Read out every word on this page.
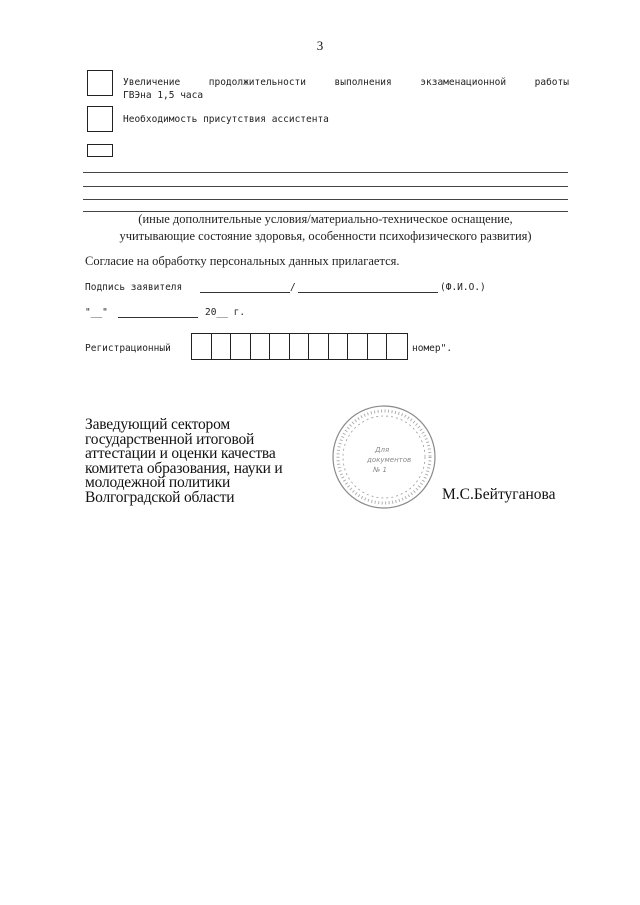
3
Увеличение	продолжительности	выполнения	экзаменационной	работы
ГВЭна 1,5 часа
Необходимость присутствия ассистента
(иные дополнительные условия/материально-техническое оснащение,
учитывающие состояние здоровья, особенности психофизического развития)
Согласие на обработку персональных данных прилагается.
Подпись заявителя	/	(Ф.И.О.)
"__"	20__ г.
Регистрационный	номер".
Заведующий сектором
государственной итоговой
аттестации и оценки качества
комитета образования, науки и
молодежной политики
Волгоградской области
Для
документов
№ 1
М.С.Бейтуганова
